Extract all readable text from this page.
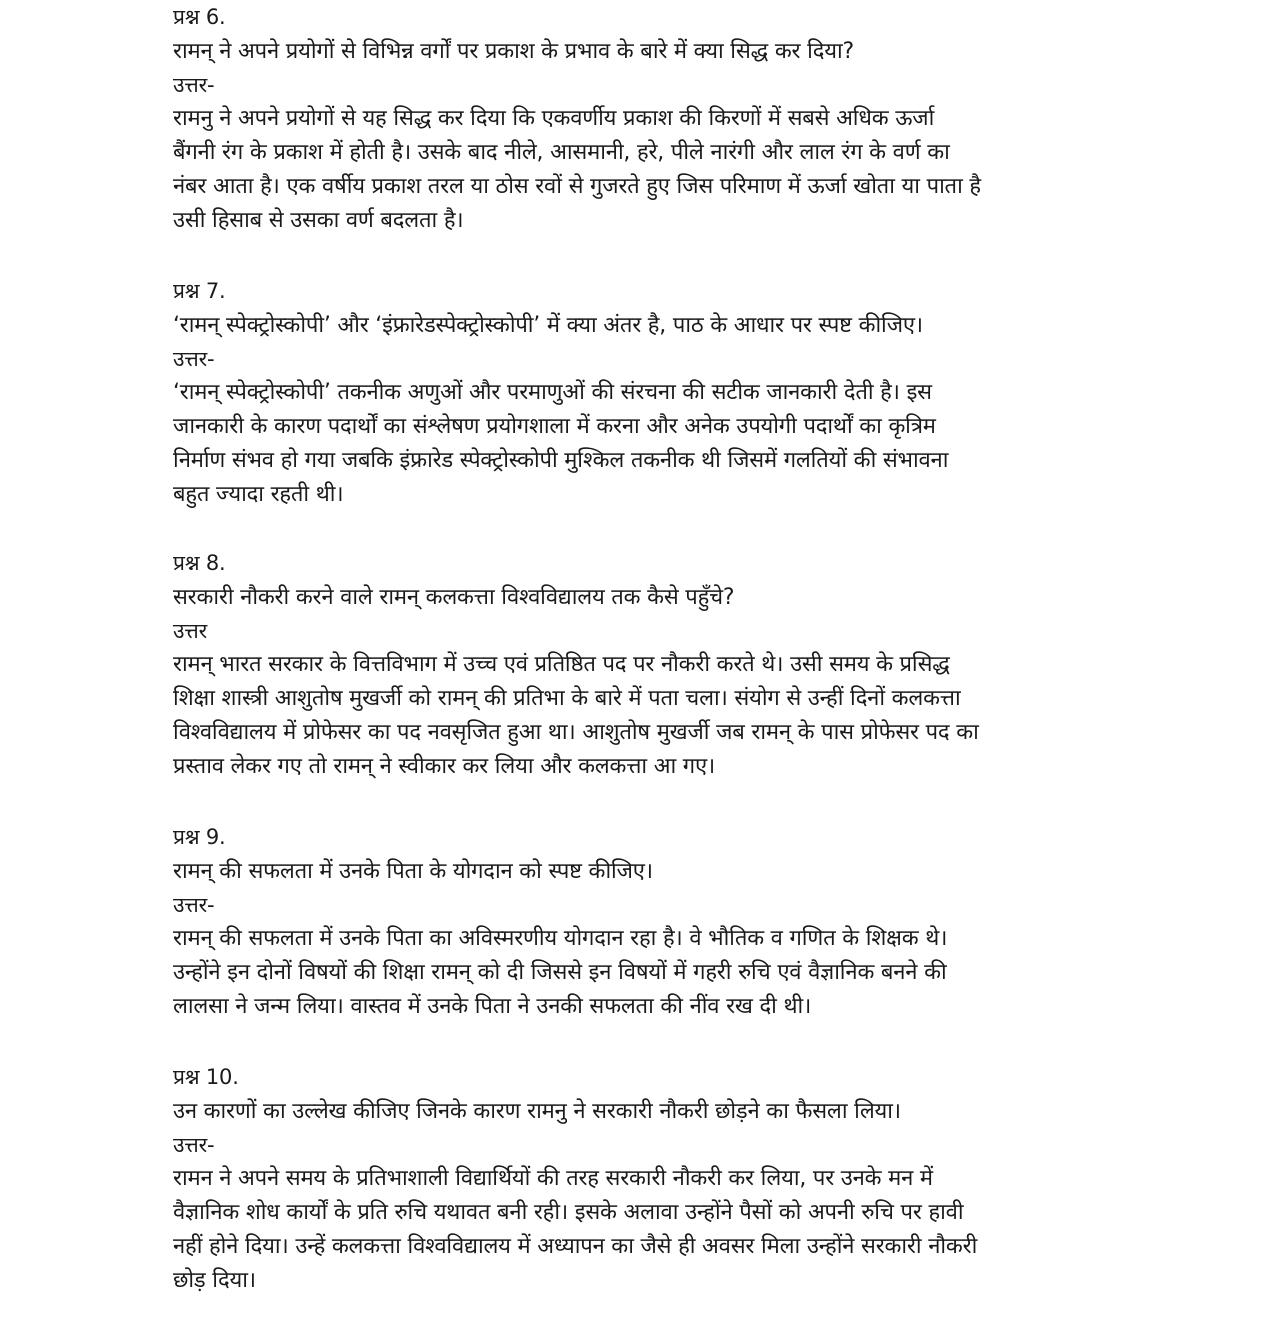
प्रश्न 6.
रामन् ने अपने प्रयोगों से विभिन्न वर्गों पर प्रकाश के प्रभाव के बारे में क्या सिद्ध कर दिया?
उत्तर-
रामनु ने अपने प्रयोगों से यह सिद्ध कर दिया कि एकवर्णीय प्रकाश की किरणों में सबसे अधिक ऊर्जा
बैंगनी रंग के प्रकाश में होती है। उसके बाद नीले, आसमानी, हरे, पीले नारंगी और लाल रंग के वर्ण का
नंबर आता है। एक वर्षीय प्रकाश तरल या ठोस रवों से गुजरते हुए जिस परिमाण में ऊर्जा खोता या पाता है
उसी हिसाब से उसका वर्ण बदलता है।
प्रश्न 7.
‘रामन् स्पेक्ट्रोस्कोपी’ और ‘इंफ्रारेडस्पेक्ट्रोस्कोपी’ में क्या अंतर है, पाठ के आधार पर स्पष्ट कीजिए।
उत्तर-
‘रामन् स्पेक्ट्रोस्कोपी’ तकनीक अणुओं और परमाणुओं की संरचना की सटीक जानकारी देती है। इस
जानकारी के कारण पदार्थों का संश्लेषण प्रयोगशाला में करना और अनेक उपयोगी पदार्थों का कृत्रिम
निर्माण संभव हो गया जबकि इंफ्रारेड स्पेक्ट्रोस्कोपी मुश्किल तकनीक थी जिसमें गलतियों की संभावना
बहुत ज्यादा रहती थी।
प्रश्न 8.
सरकारी नौकरी करने वाले रामन् कलकत्ता विश्वविद्यालय तक कैसे पहुँचे?
उत्तर
रामन् भारत सरकार के वित्तविभाग में उच्च एवं प्रतिष्ठित पद पर नौकरी करते थे। उसी समय के प्रसिद्ध
शिक्षा शास्त्री आशुतोष मुखर्जी को रामन् की प्रतिभा के बारे में पता चला। संयोग से उन्हीं दिनों कलकत्ता
विश्वविद्यालय में प्रोफेसर का पद नवसृजित हुआ था। आशुतोष मुखर्जी जब रामन् के पास प्रोफेसर पद का
प्रस्ताव लेकर गए तो रामन् ने स्वीकार कर लिया और कलकत्ता आ गए।
प्रश्न 9.
रामन् की सफलता में उनके पिता के योगदान को स्पष्ट कीजिए।
उत्तर-
रामन् की सफलता में उनके पिता का अविस्मरणीय योगदान रहा है। वे भौतिक व गणित के शिक्षक थे।
उन्होंने इन दोनों विषयों की शिक्षा रामन् को दी जिससे इन विषयों में गहरी रुचि एवं वैज्ञानिक बनने की
लालसा ने जन्म लिया। वास्तव में उनके पिता ने उनकी सफलता की नींव रख दी थी।
प्रश्न 10.
उन कारणों का उल्लेख कीजिए जिनके कारण रामनु ने सरकारी नौकरी छोड़ने का फैसला लिया।
उत्तर-
रामन ने अपने समय के प्रतिभाशाली विद्यार्थियों की तरह सरकारी नौकरी कर लिया, पर उनके मन में
वैज्ञानिक शोध कार्यों के प्रति रुचि यथावत बनी रही। इसके अलावा उन्होंने पैसों को अपनी रुचि पर हावी
नहीं होने दिया। उन्हें कलकत्ता विश्वविद्यालय में अध्यापन का जैसे ही अवसर मिला उन्होंने सरकारी नौकरी
छोड़ दिया।
